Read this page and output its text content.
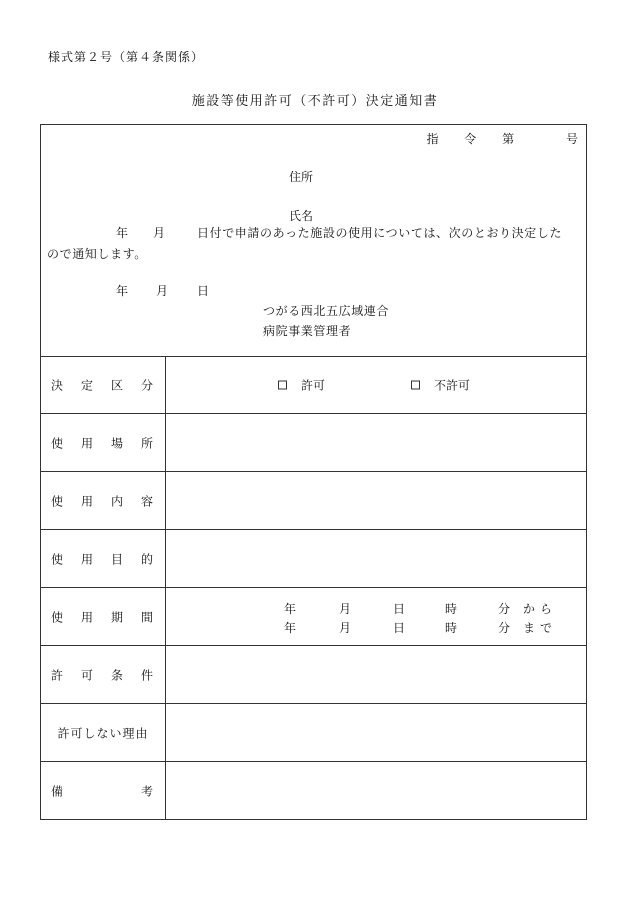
様式第２号（第４条関係）
施設等使用許可（不許可）決定通知書
指 令 第	号
住所
氏名
年 月	日付で申請のあった施設の使用については、次のとおり決定した
ので通知します。
年 月 日
つがる西北五広域連合
病院事業管理者
決 定 区 分	許可	不許可
使 用 場 所
使 用 内 容
使 用 目 的
使 用 期 間
年	月	日	時	分 から
年	月	日	時	分 まで
許 可 条 件
許可しない理由
備	考
